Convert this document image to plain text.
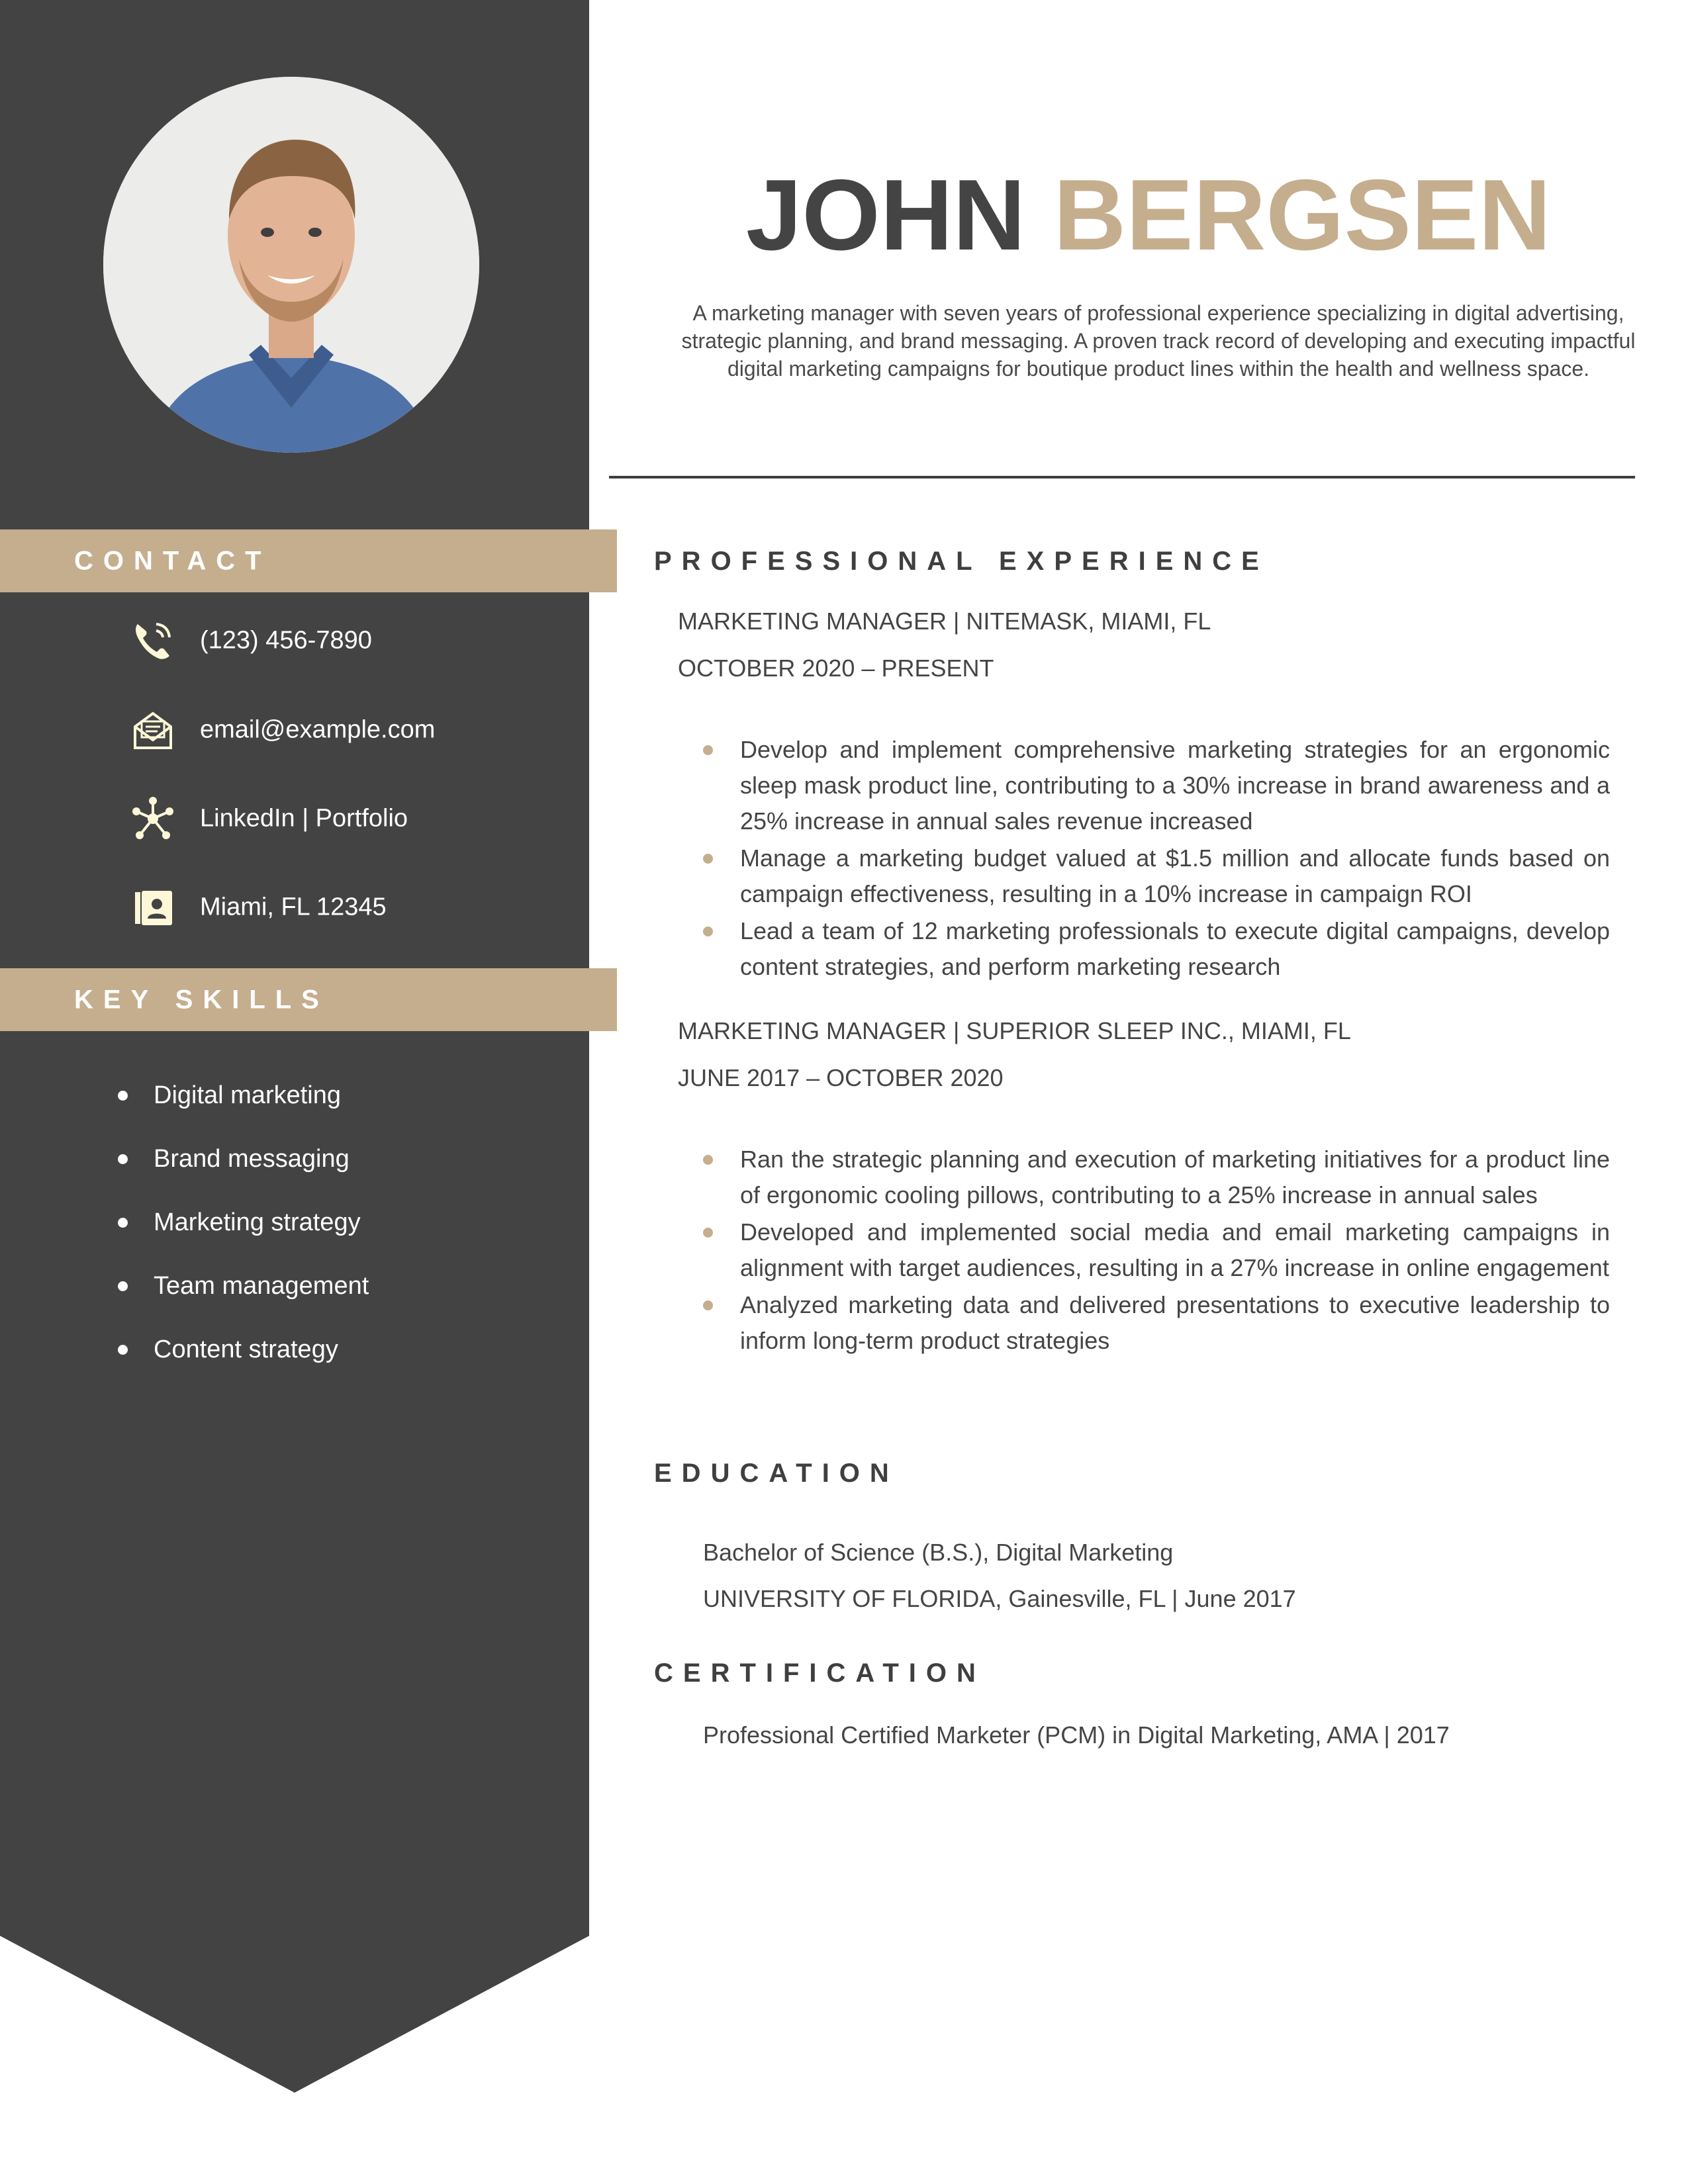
CONTACT
(123) 456-7890
email@example.com
LinkedIn | Portfolio
Miami, FL 12345
KEY SKILLS
Digital marketing
Brand messaging
Marketing strategy
Team management
Content strategy
JOHN BERGSEN

A marketing manager with seven years of professional experience specializing in digital advertising, strategic planning, and brand messaging. A proven track record of developing and executing impactful digital marketing campaigns for boutique product lines within the health and wellness space.

PROFESSIONAL EXPERIENCE
MARKETING MANAGER | NITEMASK, MIAMI, FL
OCTOBER 2020 – PRESENT
Develop and implement comprehensive marketing strategies for an ergonomic sleep mask product line, contributing to a 30% increase in brand awareness and a 25% increase in annual sales revenue increased
Manage a marketing budget valued at $1.5 million and allocate funds based on campaign effectiveness, resulting in a 10% increase in campaign ROI
Lead a team of 12 marketing professionals to execute digital campaigns, develop content strategies, and perform marketing research
MARKETING MANAGER | SUPERIOR SLEEP INC., MIAMI, FL
JUNE 2017 – OCTOBER 2020
Ran the strategic planning and execution of marketing initiatives for a product line of ergonomic cooling pillows, contributing to a 25% increase in annual sales
Developed and implemented social media and email marketing campaigns in alignment with target audiences, resulting in a 27% increase in online engagement
Analyzed marketing data and delivered presentations to executive leadership to inform long-term product strategies
EDUCATION
Bachelor of Science (B.S.), Digital Marketing
UNIVERSITY OF FLORIDA, Gainesville, FL | June 2017
CERTIFICATION
Professional Certified Marketer (PCM) in Digital Marketing, AMA | 2017
